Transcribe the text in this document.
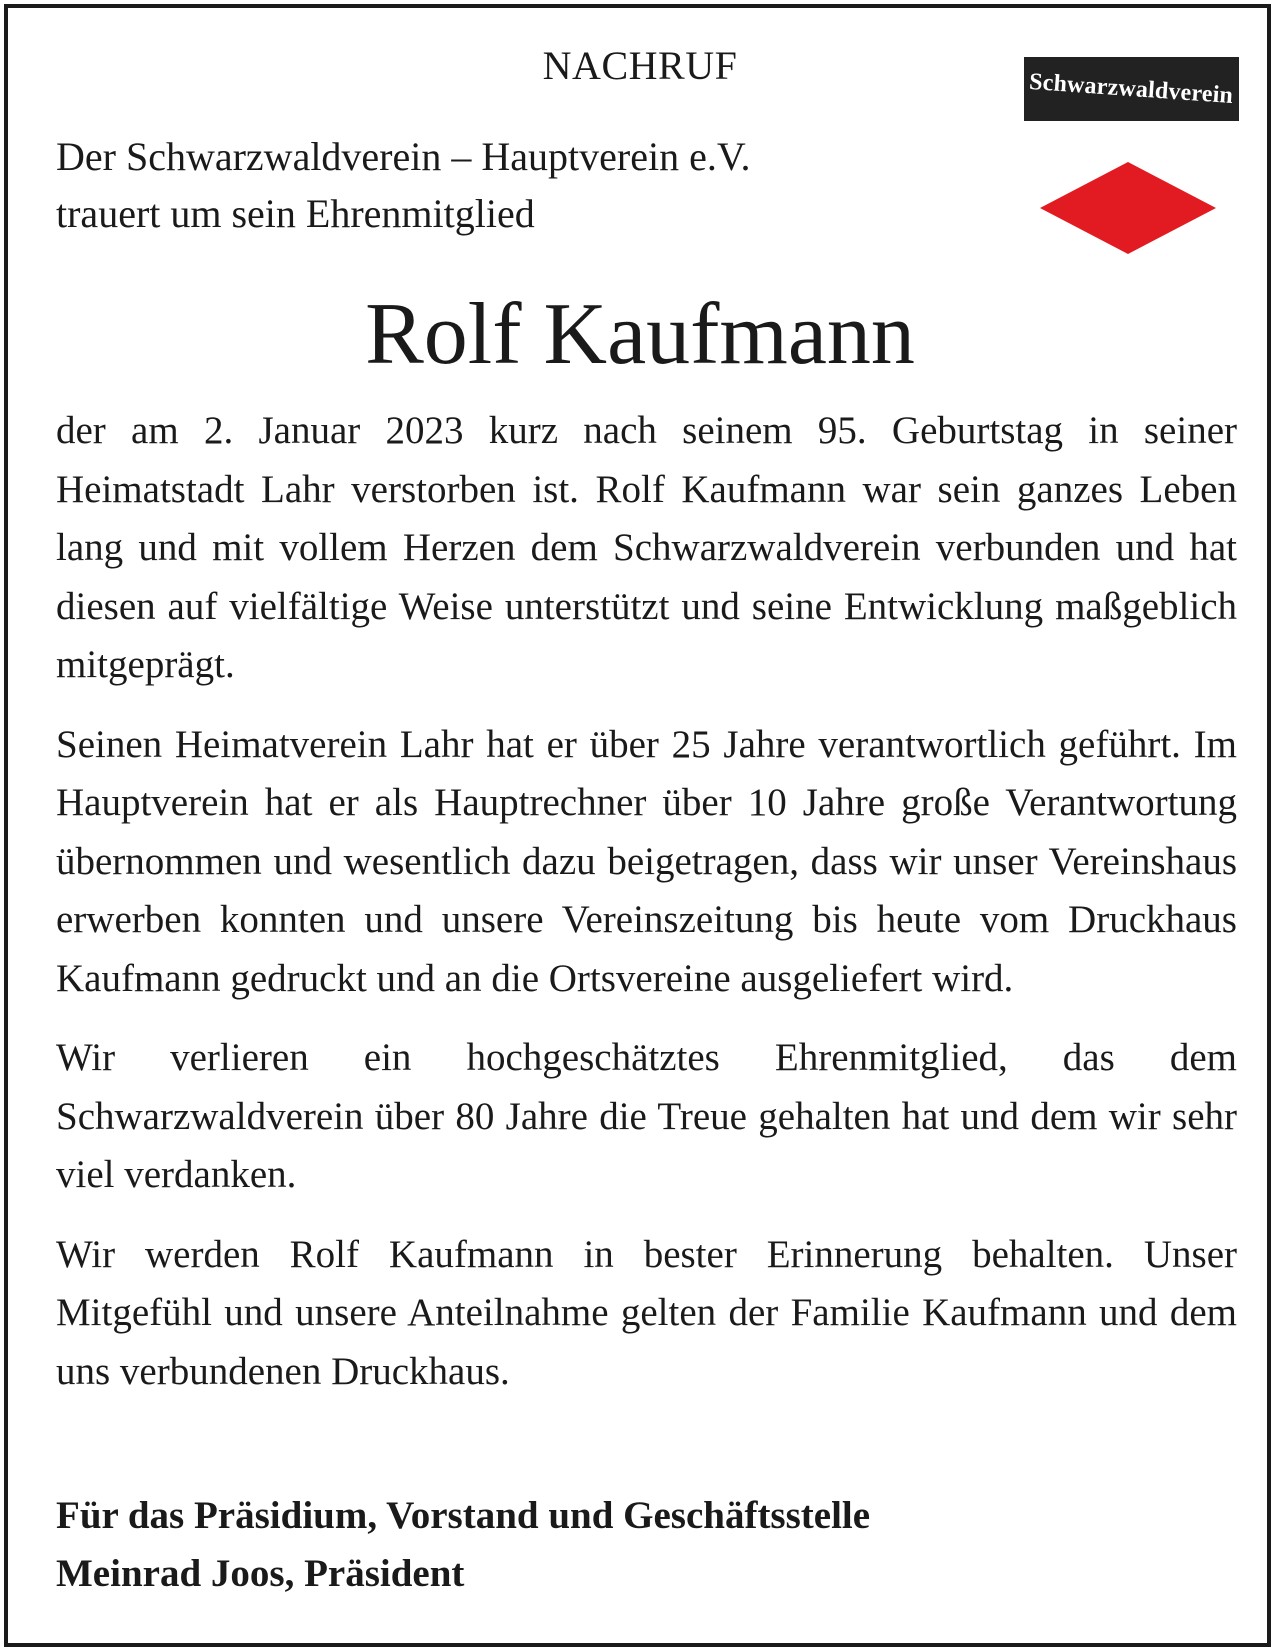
NACHRUF
Der Schwarzwaldverein – Hauptverein e.V.
trauert um sein Ehrenmitglied
Schwarzwaldverein
Rolf Kaufmann

der am 2. Januar 2023 kurz nach seinem 95. Geburtstag in seiner Heimatstadt Lahr verstorben ist. Rolf Kaufmann war sein ganzes Leben lang und mit vollem Herzen dem Schwarzwaldverein verbunden und hat diesen auf vielfältige Weise unterstützt und seine Entwicklung maßgeblich mitgeprägt.

Seinen Heimatverein Lahr hat er über 25 Jahre verantwortlich geführt. Im Hauptverein hat er als Hauptrechner über 10 Jahre große Verantwortung übernommen und wesentlich dazu beigetragen, dass wir unser Vereinshaus erwerben konnten und unsere Vereinszeitung bis heute vom Druckhaus Kaufmann gedruckt und an die Ortsvereine ausgeliefert wird.

Wir verlieren ein hochgeschätztes Ehrenmitglied, das dem Schwarzwaldverein über 80 Jahre die Treue gehalten hat und dem wir sehr viel verdanken.

Wir werden Rolf Kaufmann in bester Erinnerung behalten. Unser Mitgefühl und unsere Anteilnahme gelten der Familie Kaufmann und dem uns verbundenen Druckhaus.

Für das Präsidium, Vorstand und Geschäftsstelle
Meinrad Joos, Präsident
